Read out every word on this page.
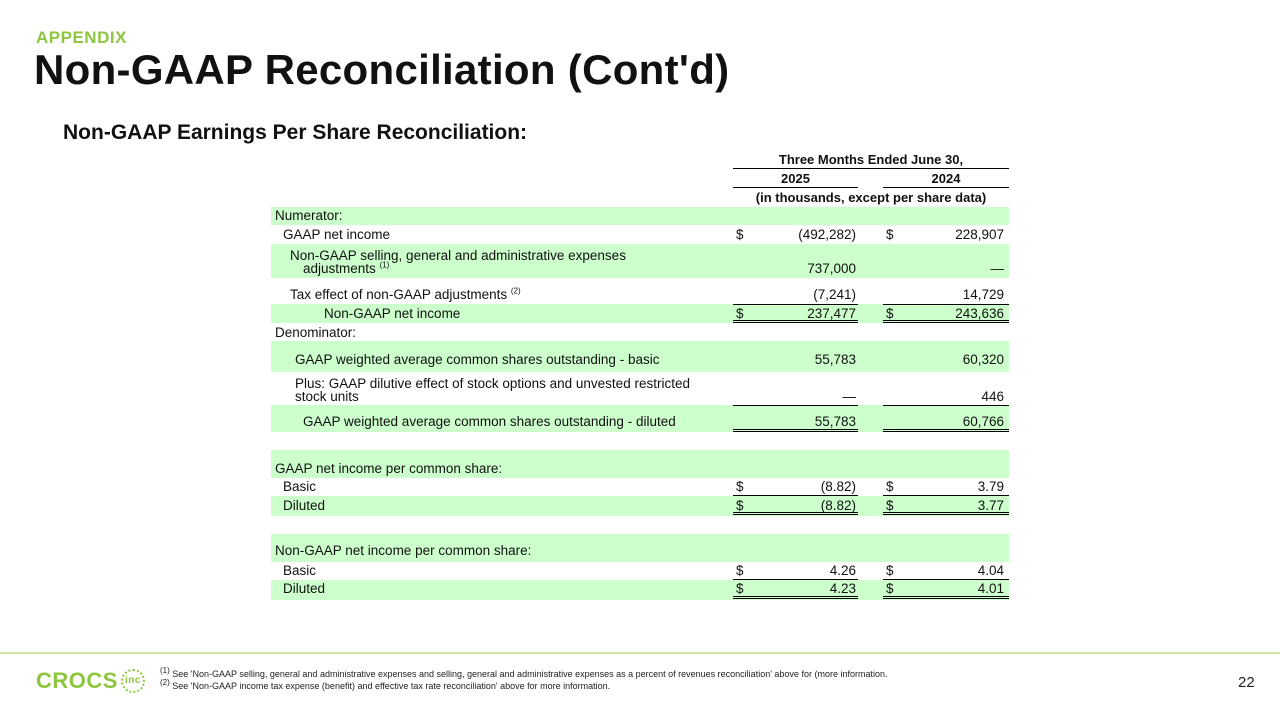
APPENDIX
Non-GAAP Reconciliation (Cont'd)
Non-GAAP Earnings Per Share Reconciliation:
Three Months Ended June 30,
2025	2024
(in thousands, except per share data)
Numerator:
GAAP net income	$	(492,282) $	228,907
Non-GAAP selling, general and administrative expenses
adjustments $^{(1)}$	737,000	—
Tax effect of non-GAAP adjustments $^{(2)}$	(7,241)	14,729
Non-GAAP net income	$	237,477 $	243,636
Denominator:
GAAP weighted average common shares outstanding - basic	55,783	60,320
Plus: GAAP dilutive effect of stock options and unvested restricted
stock units	—	446
GAAP weighted average common shares outstanding - diluted	55,783	60,766
GAAP net income per common share:
Basic	$	(8.82) $	3.79
Diluted	$	(8.82) $	3.77
Non-GAAP net income per common share:
Basic	$	4.26 $	4.04
Diluted	$	4.23 $	4.01
CROCS inc
(1) See 'Non-GAAP selling, general and administrative expenses and selling, general and administrative expenses as a percent of revenues reconciliation' above for (more information.
(2) See 'Non-GAAP income tax expense (benefit) and effective tax rate reconciliation' above for more information.	22
